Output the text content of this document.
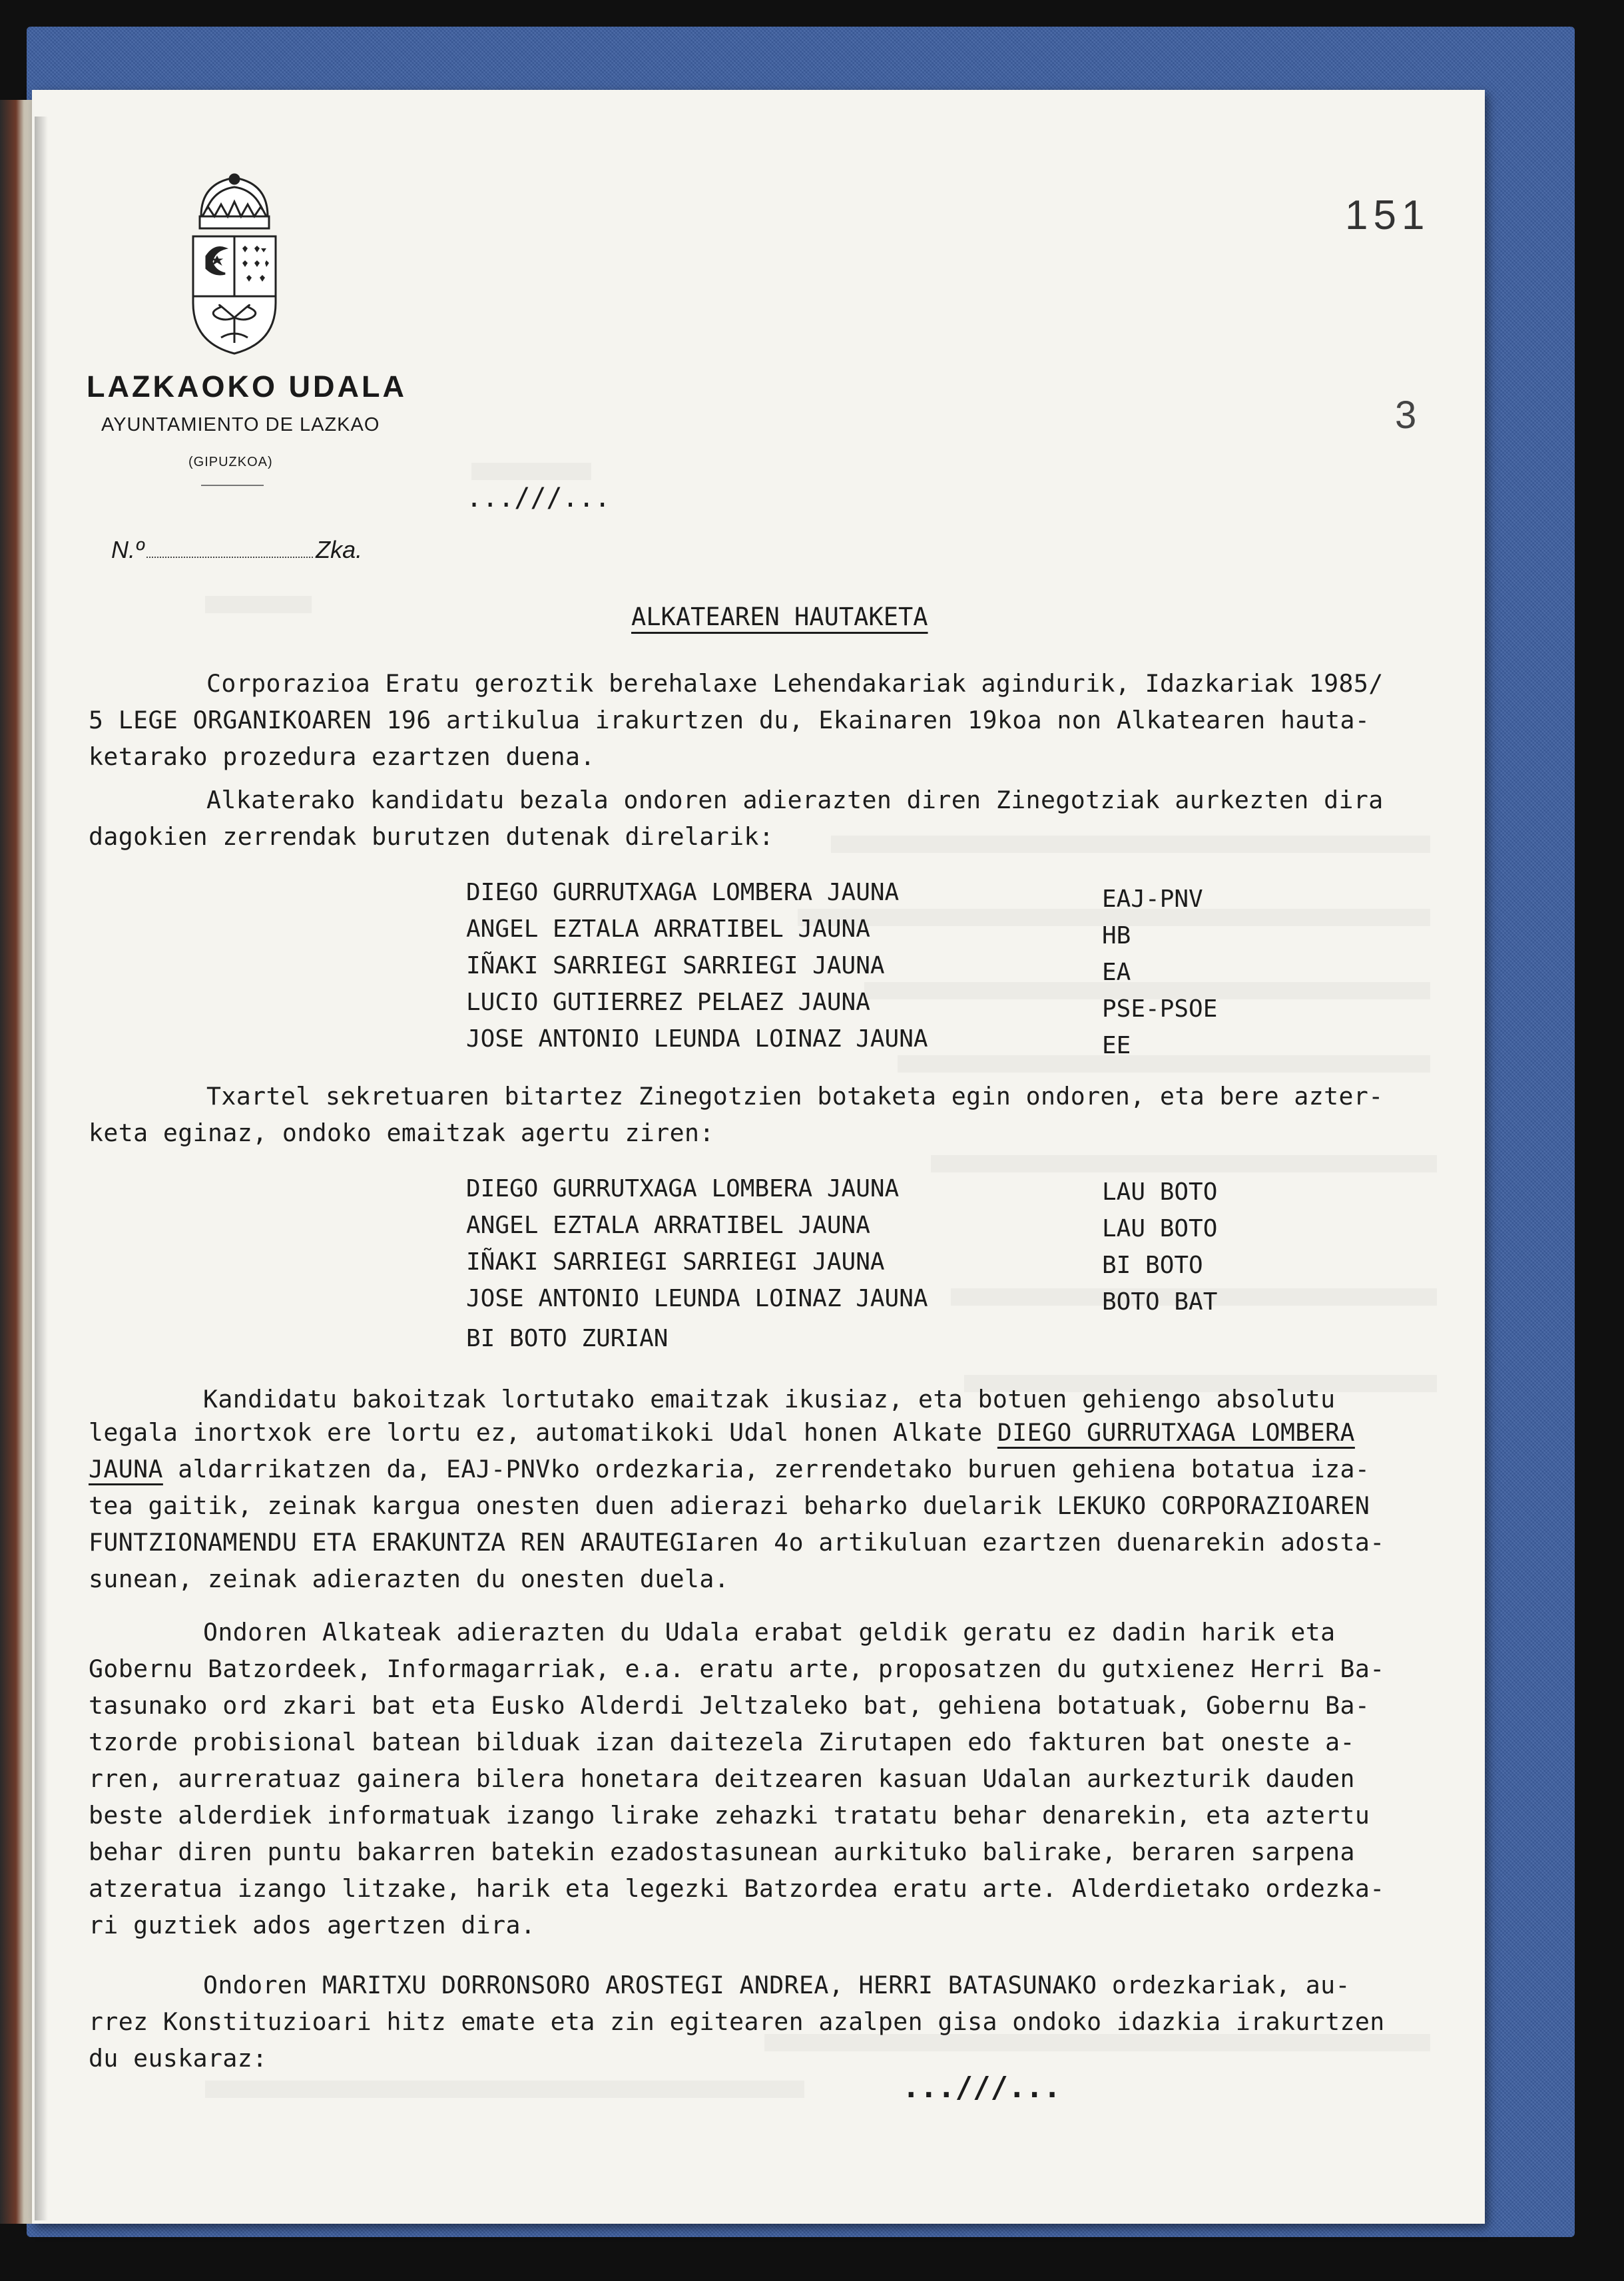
LAZKAOKO UDALA
AYUNTAMIENTO DE LAZKAO
(GIPUZKOA)
N.º	Zka.
151
3
...///...
ALKATEAREN HAUTAKETA
Corporazioa Eratu geroztik berehalaxe Lehendakariak agindurik, Idazkariak 1985/
5 LEGE ORGANIKOAREN 196 artikulua irakurtzen du, Ekainaren 19koa non Alkatearen hauta-
ketarako prozedura ezartzen duena.
Alkaterako kandidatu bezala ondoren adierazten diren Zinegotziak aurkezten dira
dagokien zerrendak burutzen dutenak direlarik:
DIEGO GURRUTXAGA LOMBERA JAUNA	EAJ-PNV
ANGEL EZTALA ARRATIBEL JAUNA	HB
IÑAKI SARRIEGI SARRIEGI JAUNA	EA
LUCIO GUTIERREZ PELAEZ JAUNA	PSE-PSOE
JOSE ANTONIO LEUNDA LOINAZ JAUNA	EE
Txartel sekretuaren bitartez Zinegotzien botaketa egin ondoren, eta bere azter-
keta eginaz, ondoko emaitzak agertu ziren:
DIEGO GURRUTXAGA LOMBERA JAUNA	LAU BOTO
ANGEL EZTALA ARRATIBEL JAUNA	LAU BOTO
IÑAKI SARRIEGI SARRIEGI JAUNA	BI BOTO
JOSE ANTONIO LEUNDA LOINAZ JAUNA	BOTO BAT
BI BOTO ZURIAN
Kandidatu bakoitzak lortutako emaitzak ikusiaz, eta botuen gehiengo absolutu
legala inortxok ere lortu ez, automatikoki Udal honen Alkate DIEGO GURRUTXAGA LOMBERA
JAUNA aldarrikatzen da, EAJ-PNVko ordezkaria, zerrendetako buruen gehiena botatua iza-
tea gaitik, zeinak kargua onesten duen adierazi beharko duelarik LEKUKO CORPORAZIOAREN
FUNTZIONAMENDU ETA ERAKUNTZA REN ARAUTEGIaren 4o artikuluan ezartzen duenarekin adosta-
sunean, zeinak adierazten du onesten duela.
Ondoren Alkateak adierazten du Udala erabat geldik geratu ez dadin harik eta
Gobernu Batzordeek, Informagarriak, e.a. eratu arte, proposatzen du gutxienez Herri Ba-
tasunako ord zkari bat eta Eusko Alderdi Jeltzaleko bat, gehiena botatuak, Gobernu Ba-
tzorde probisional batean bilduak izan daitezela Zirutapen edo fakturen bat oneste a-
rren, aurreratuaz gainera bilera honetara deitzearen kasuan Udalan aurkezturik dauden
beste alderdiek informatuak izango lirake zehazki tratatu behar denarekin, eta aztertu
behar diren puntu bakarren batekin ezadostasunean aurkituko balirake, beraren sarpena
atzeratua izango litzake, harik eta legezki Batzordea eratu arte. Alderdietako ordezka-
ri guztiek ados agertzen dira.
Ondoren MARITXU DORRONSORO AROSTEGI ANDREA, HERRI BATASUNAKO ordezkariak, au-
rrez Konstituzioari hitz emate eta zin egitearen azalpen gisa ondoko idazkia irakurtzen
du euskaraz:
...///...
